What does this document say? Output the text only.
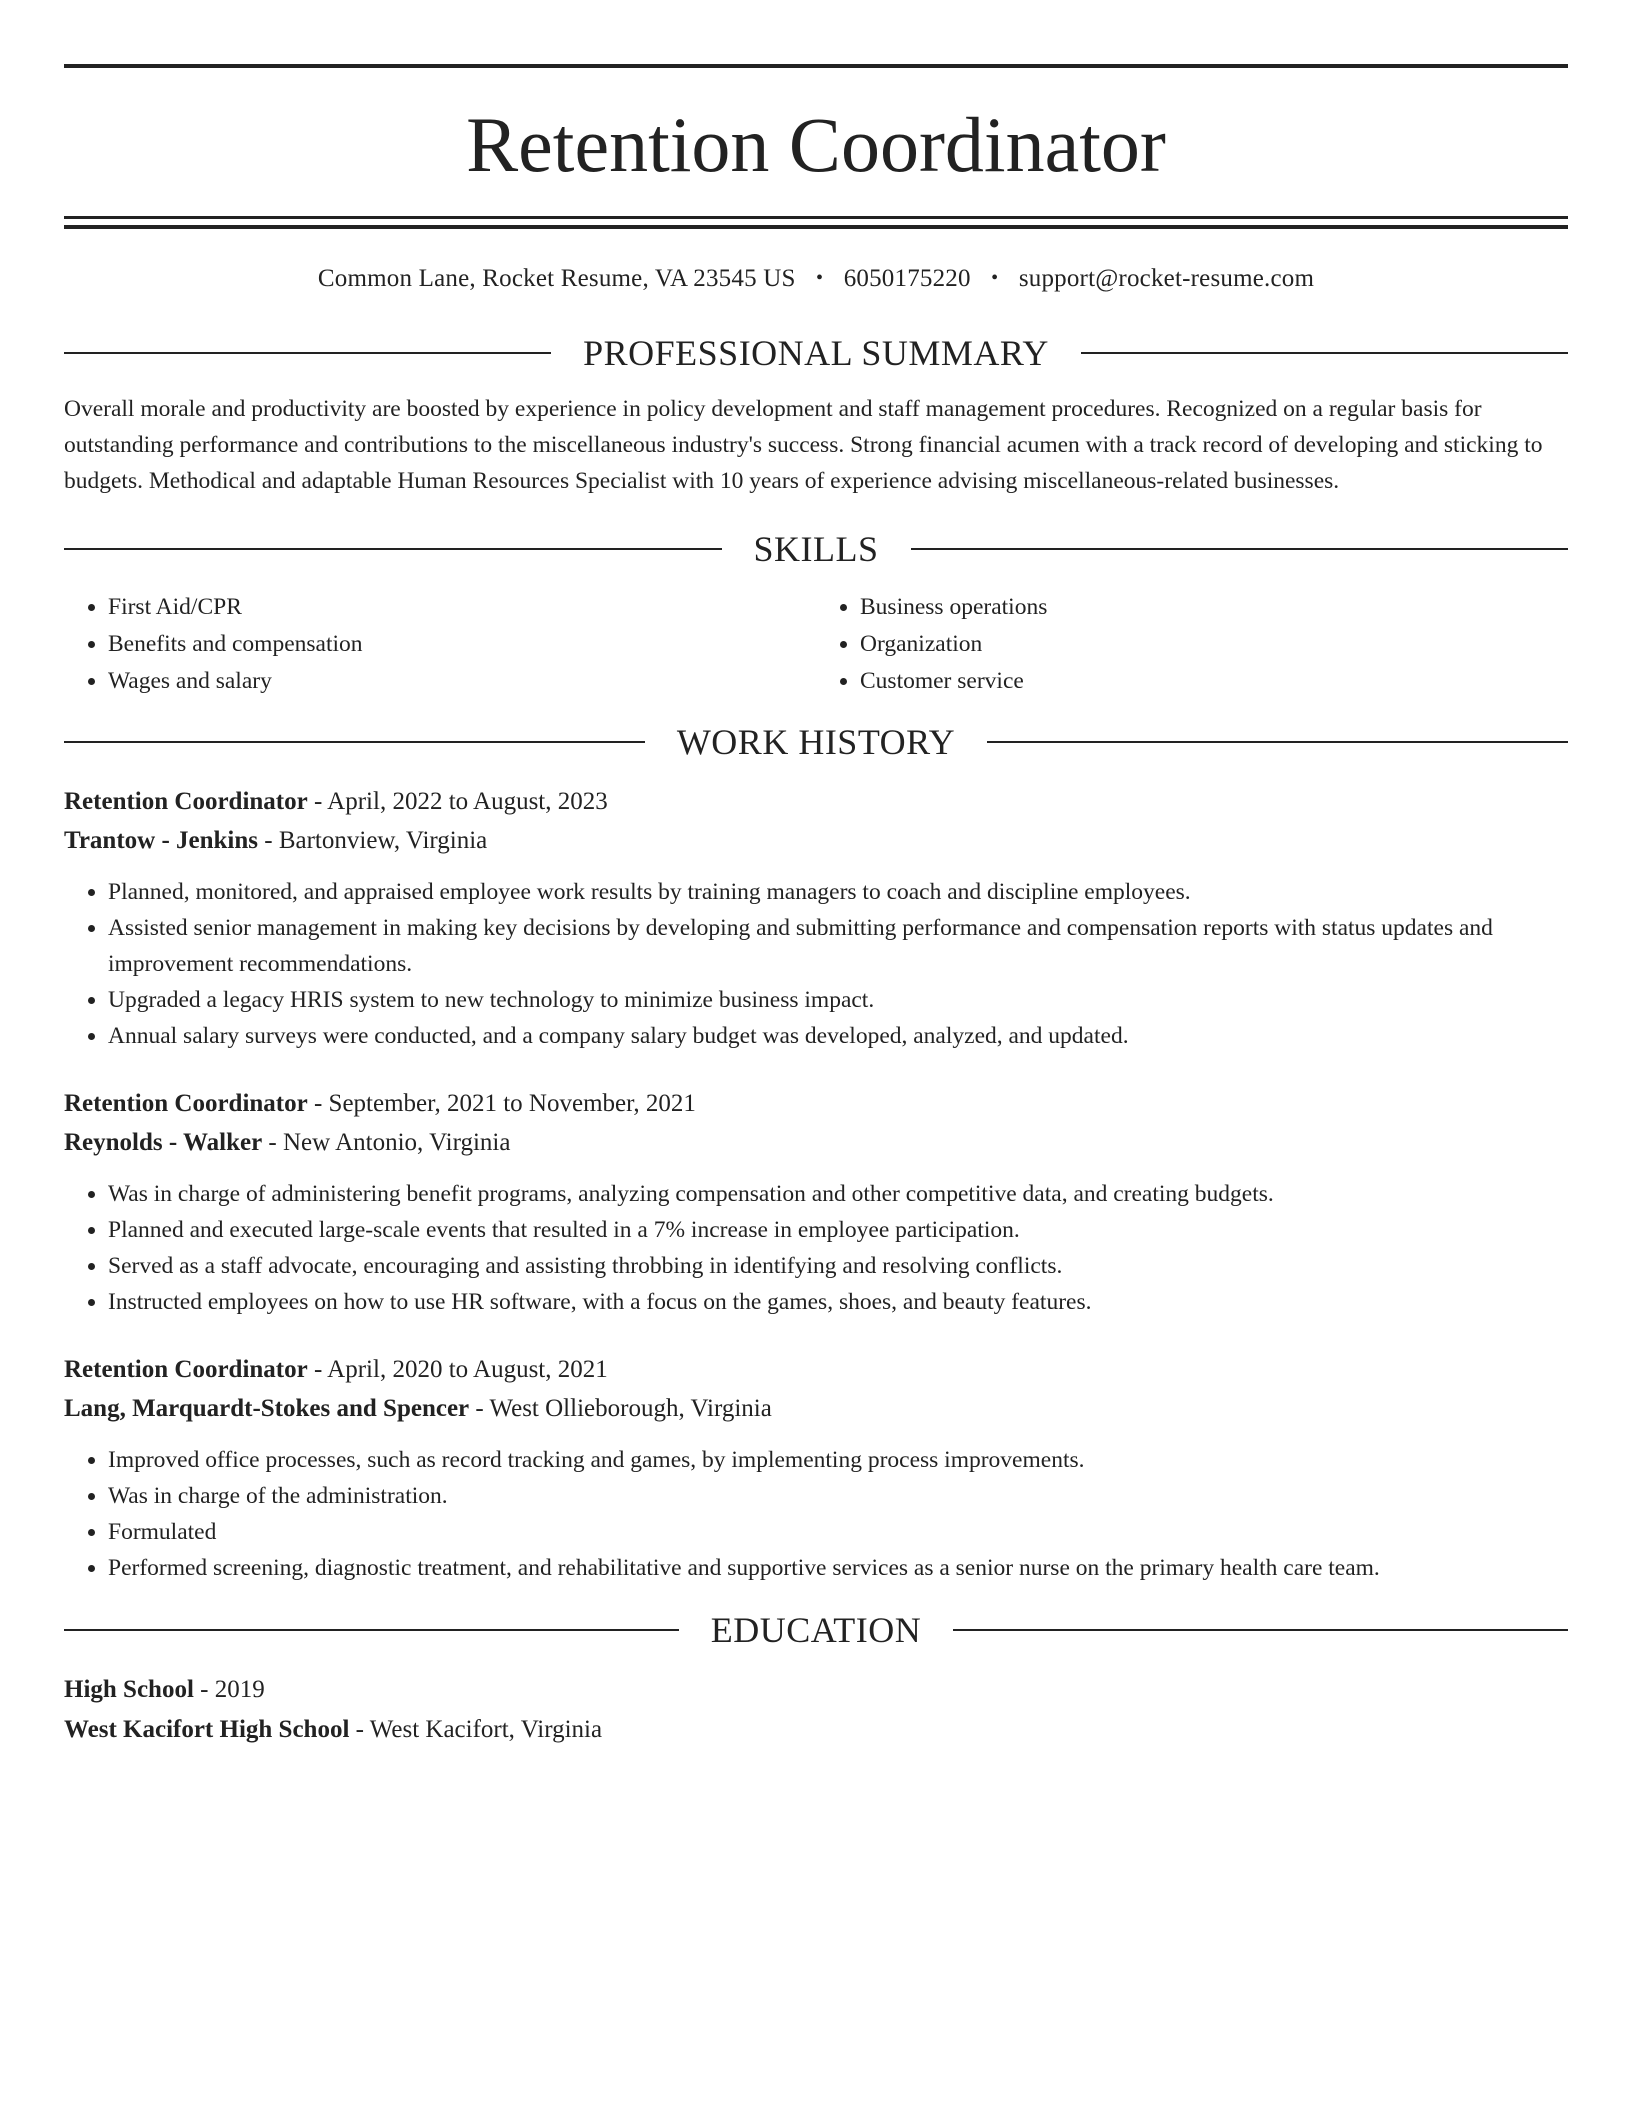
Retention Coordinator
Common Lane, Rocket Resume, VA 23545 US • 6050175220 • support@rocket-resume.com
PROFESSIONAL SUMMARY
Overall morale and productivity are boosted by experience in policy development and staff management procedures. Recognized on a regular basis for outstanding performance and contributions to the miscellaneous industry's success. Strong financial acumen with a track record of developing and sticking to budgets. Methodical and adaptable Human Resources Specialist with 10 years of experience advising miscellaneous-related businesses.
SKILLS
• First Aid/CPR
• Benefits and compensation
• Wages and salary
• Business operations
• Organization
• Customer service
WORK HISTORY
Retention Coordinator - April, 2022 to August, 2023
Trantow - Jenkins - Bartonview, Virginia
• Planned, monitored, and appraised employee work results by training managers to coach and discipline employees.
• Assisted senior management in making key decisions by developing and submitting performance and compensation reports with status updates and improvement recommendations.
• Upgraded a legacy HRIS system to new technology to minimize business impact.
• Annual salary surveys were conducted, and a company salary budget was developed, analyzed, and updated.
Retention Coordinator - September, 2021 to November, 2021
Reynolds - Walker - New Antonio, Virginia
• Was in charge of administering benefit programs, analyzing compensation and other competitive data, and creating budgets.
• Planned and executed large-scale events that resulted in a 7% increase in employee participation.
• Served as a staff advocate, encouraging and assisting throbbing in identifying and resolving conflicts.
• Instructed employees on how to use HR software, with a focus on the games, shoes, and beauty features.
Retention Coordinator - April, 2020 to August, 2021
Lang, Marquardt-Stokes and Spencer - West Ollieborough, Virginia
• Improved office processes, such as record tracking and games, by implementing process improvements.
• Was in charge of the administration.
• Formulated
• Performed screening, diagnostic treatment, and rehabilitative and supportive services as a senior nurse on the primary health care team.
EDUCATION
High School - 2019
West Kacifort High School - West Kacifort, Virginia
